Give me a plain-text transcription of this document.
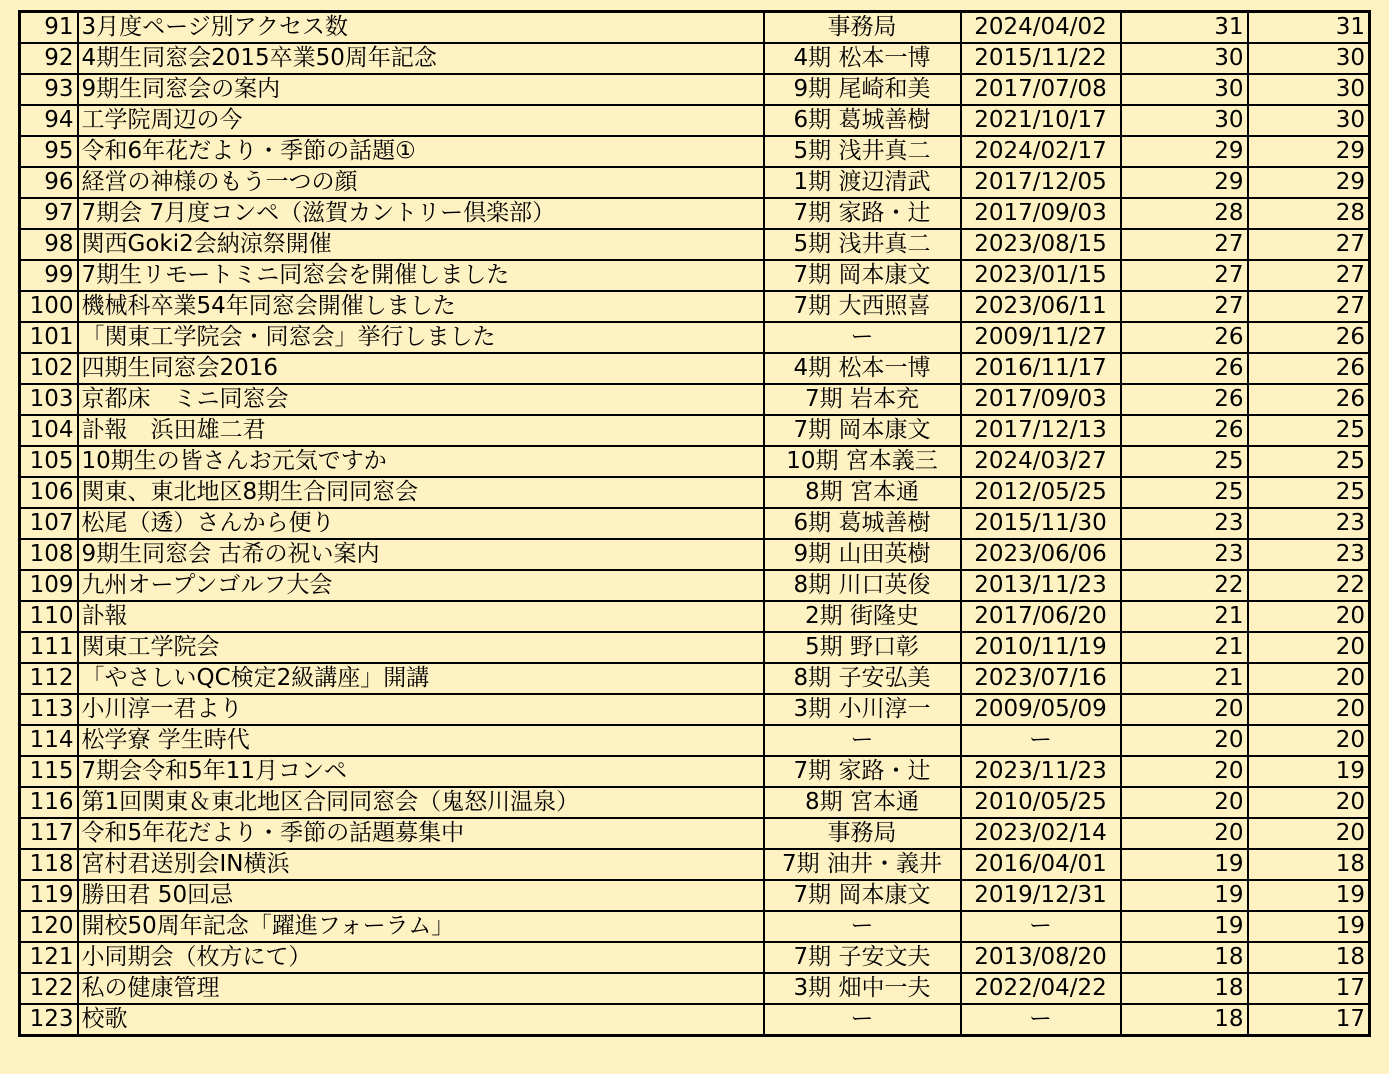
91	3月度ページ別アクセス数	事務局	2024/04/02	31	31
92	4期生同窓会2015卒業50周年記念	4期 松本一博	2015/11/22	30	30
93	9期生同窓会の案内	9期 尾崎和美	2017/07/08	30	30
94	工学院周辺の今	6期 葛城善樹	2021/10/17	30	30
95	令和6年花だより・季節の話題①	5期 浅井真二	2024/02/17	29	29
96	経営の神様のもう一つの顔	1期 渡辺清武	2017/12/05	29	29
97	7期会 7月度コンペ（滋賀カントリー倶楽部）	7期 家路・辻	2017/09/03	28	28
98	関西Goki2会納涼祭開催	5期 浅井真二	2023/08/15	27	27
99	7期生リモートミニ同窓会を開催しました	7期 岡本康文	2023/01/15	27	27
100	機械科卒業54年同窓会開催しました	7期 大西照喜	2023/06/11	27	27
101	「関東工学院会・同窓会」挙行しました	ー	2009/11/27	26	26
102	四期生同窓会2016	4期 松本一博	2016/11/17	26	26
103	京都床　ミニ同窓会	7期 岩本充	2017/09/03	26	26
104	訃報　浜田雄二君	7期 岡本康文	2017/12/13	26	25
105	10期生の皆さんお元気ですか	10期 宮本義三	2024/03/27	25	25
106	関東、東北地区8期生合同同窓会	8期 宮本通	2012/05/25	25	25
107	松尾（透）さんから便り	6期 葛城善樹	2015/11/30	23	23
108	9期生同窓会 古希の祝い案内	9期 山田英樹	2023/06/06	23	23
109	九州オープンゴルフ大会	8期 川口英俊	2013/11/23	22	22
110	訃報	2期 街隆史	2017/06/20	21	20
111	関東工学院会	5期 野口彰	2010/11/19	21	20
112	「やさしいQC検定2級講座」開講	8期 子安弘美	2023/07/16	21	20
113	小川淳一君より	3期 小川淳一	2009/05/09	20	20
114	松学寮 学生時代	ー	ー	20	20
115	7期会令和5年11月コンペ	7期 家路・辻	2023/11/23	20	19
116	第1回関東＆東北地区合同同窓会（鬼怒川温泉）	8期 宮本通	2010/05/25	20	20
117	令和5年花だより・季節の話題募集中	事務局	2023/02/14	20	20
118	宮村君送別会IN横浜	7期 油井・義井	2016/04/01	19	18
119	勝田君 50回忌	7期 岡本康文	2019/12/31	19	19
120	開校50周年記念「躍進フォーラム」	ー	ー	19	19
121	小同期会（枚方にて）	7期 子安文夫	2013/08/20	18	18
122	私の健康管理	3期 畑中一夫	2022/04/22	18	17
123	校歌	ー	ー	18	17
